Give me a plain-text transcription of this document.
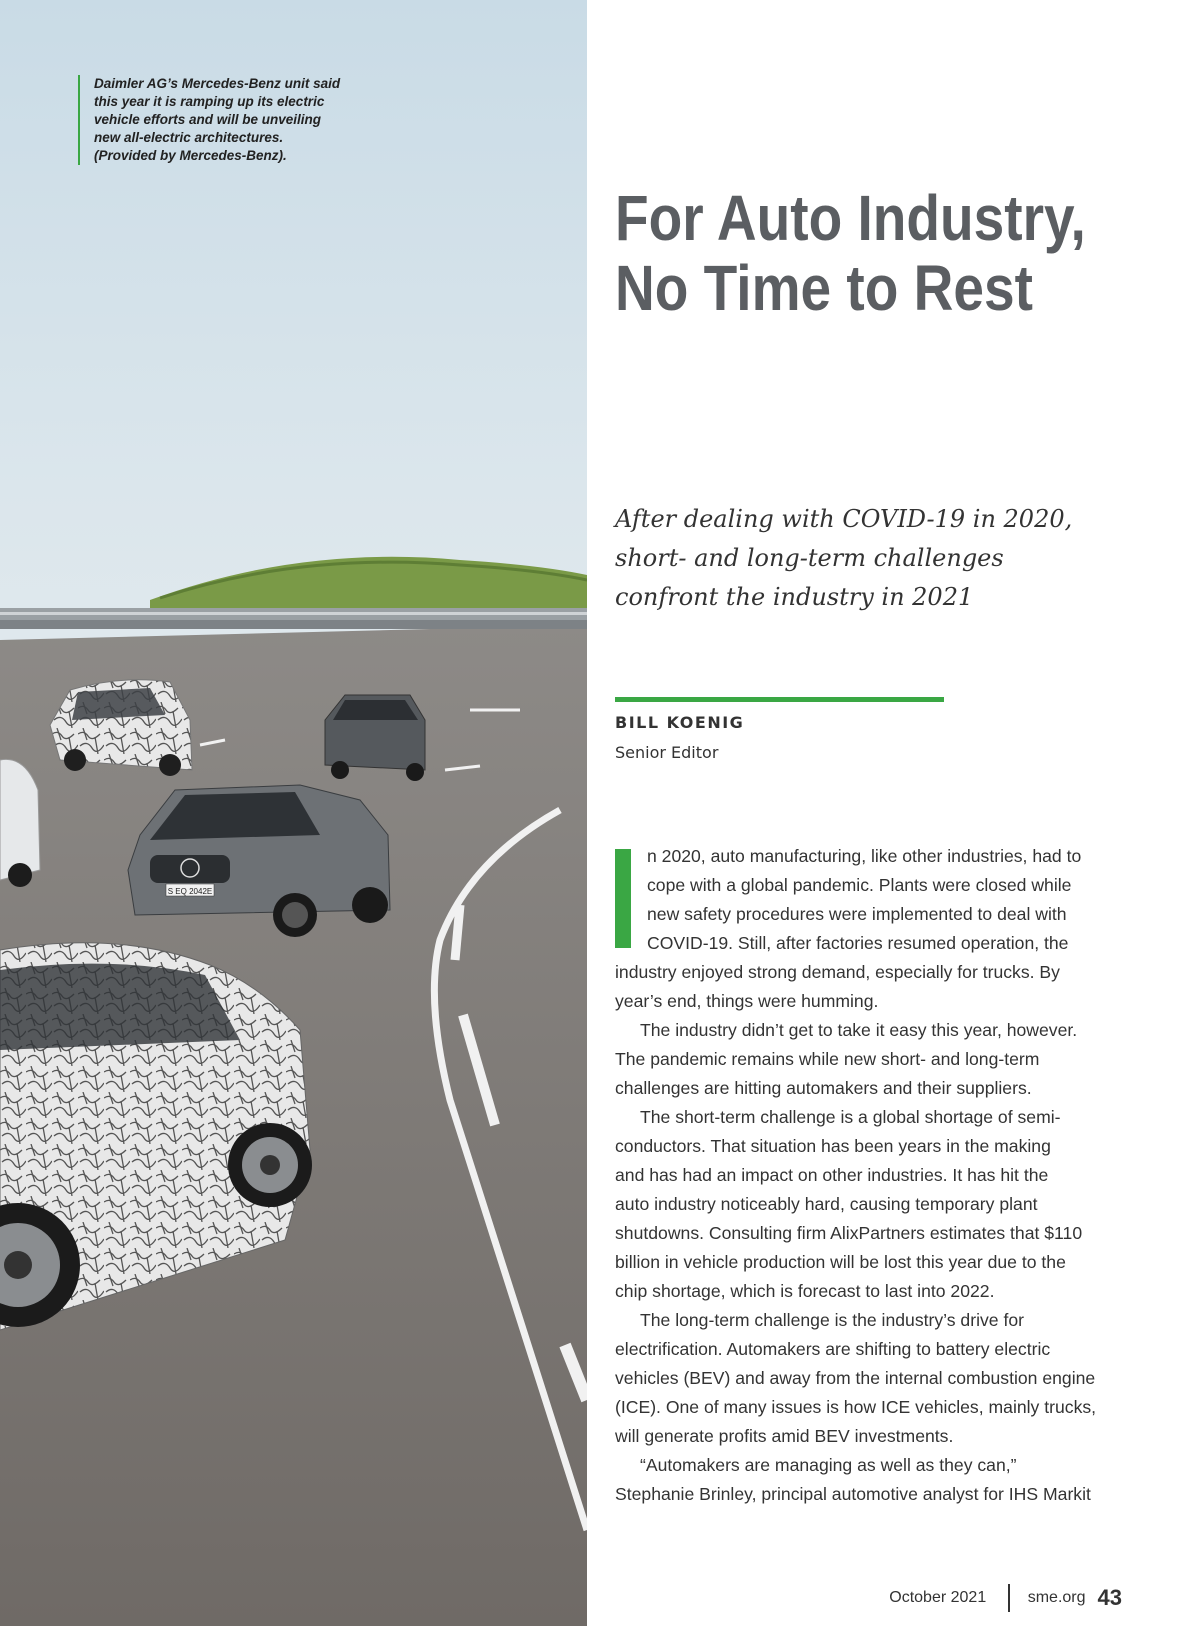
S EQ 2042E
Daimler AG’s Mercedes-Benz unit said
this year it is ramping up its electric
vehicle efforts and will be unveiling
new all-electric architectures.
(Provided by Mercedes-Benz).
For Auto Industry,
No Time to Rest
After dealing with COVID-19 in 2020,
short- and long-term challenges
confront the industry in 2021
BILL KOENIG
Senior Editor
n 2020, auto manufacturing, like other industries, had to
cope with a global pandemic. Plants were closed while
new safety procedures were implemented to deal with
COVID-19. Still, after factories resumed operation, the
industry enjoyed strong demand, especially for trucks. By
year’s end, things were humming.
The industry didn’t get to take it easy this year, however.
The pandemic remains while new short- and long-term
challenges are hitting automakers and their suppliers.
The short-term challenge is a global shortage of semi-
conductors. That situation has been years in the making
and has had an impact on other industries. It has hit the
auto industry noticeably hard, causing temporary plant
shutdowns. Consulting firm AlixPartners estimates that $110
billion in vehicle production will be lost this year due to the
chip shortage, which is forecast to last into 2022.
The long-term challenge is the industry’s drive for
electrification. Automakers are shifting to battery electric
vehicles (BEV) and away from the internal combustion engine
(ICE). One of many issues is how ICE vehicles, mainly trucks,
will generate profits amid BEV investments.
“Automakers are managing as well as they can,”
Stephanie Brinley, principal automotive analyst for IHS Markit
October 2021	sme.org 43
